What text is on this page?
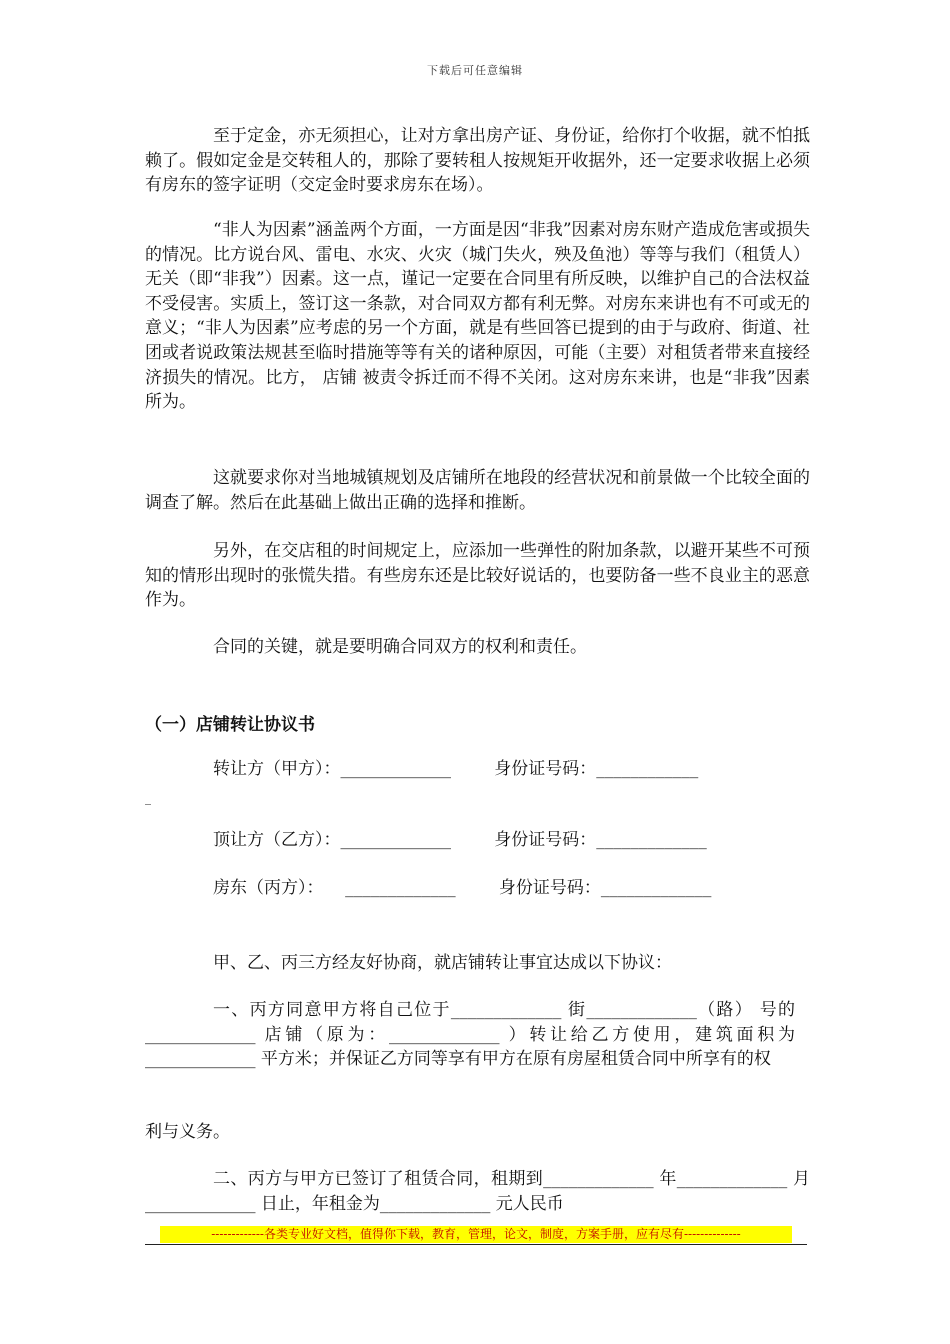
下载后可任意编辑

至于定金，亦无须担心，让对方拿出房产证、身份证，给你打个收据，就不怕抵赖了。假如定金是交转租人的，那除了要转租人按规矩开收据外，还一定要求收据上必须有房东的签字证明（交定金时要求房东在场）。

“非人为因素”涵盖两个方面，一方面是因“非我”因素对房东财产造成危害或损失的情况。比方说台风、雷电、水灾、火灾（城门失火，殃及鱼池）等等与我们（租赁人）无关（即“非我”）因素。这一点，谨记一定要在合同里有所反映，以维护自己的合法权益不受侵害。实质上，签订这一条款，对合同双方都有利无弊。对房东来讲也有不可或无的意义；“非人为因素”应考虑的另一个方面，就是有些回答已提到的由于与政府、街道、社团或者说政策法规甚至临时措施等等有关的诸种原因，可能（主要）对租赁者带来直接经济损失的情况。比方， 店铺 被责令拆迁而不得不关闭。这对房东来讲，也是“非我”因素所为。

这就要求你对当地城镇规划及店铺所在地段的经营状况和前景做一个比较全面的调查了解。然后在此基础上做出正确的选择和推断。

另外，在交店租的时间规定上，应添加一些弹性的附加条款，以避开某些不可预知的情形出现时的张慌失措。有些房东还是比较好说话的，也要防备一些不良业主的恶意作为。

合同的关键，就是要明确合同双方的权利和责任。

（一）店铺转让协议书
转让方（甲方）：_____________        身份证号码：____________
_
顶让方（乙方）：_____________        身份证号码：_____________
房东（丙方）：    _____________        身份证号码：_____________

甲、乙、丙三方经友好协商，就店铺转让事宜达成以下协议：

一、丙方同意甲方将自己位于_____________ 街_____________（路） 号的_____________ 店铺（原为：_____________ ）转让给乙方使用，建筑面积为_____________ 平方米；并保证乙方同等享有甲方在原有房屋租赁合同中所享有的权

利与义务。

二、丙方与甲方已签订了租赁合同，租期到_____________ 年_____________ 月_____________ 日止，年租金为_____________ 元人民币

-------------各类专业好文档，值得你下载，教育，管理，论文，制度，方案手册，应有尽有--------------
